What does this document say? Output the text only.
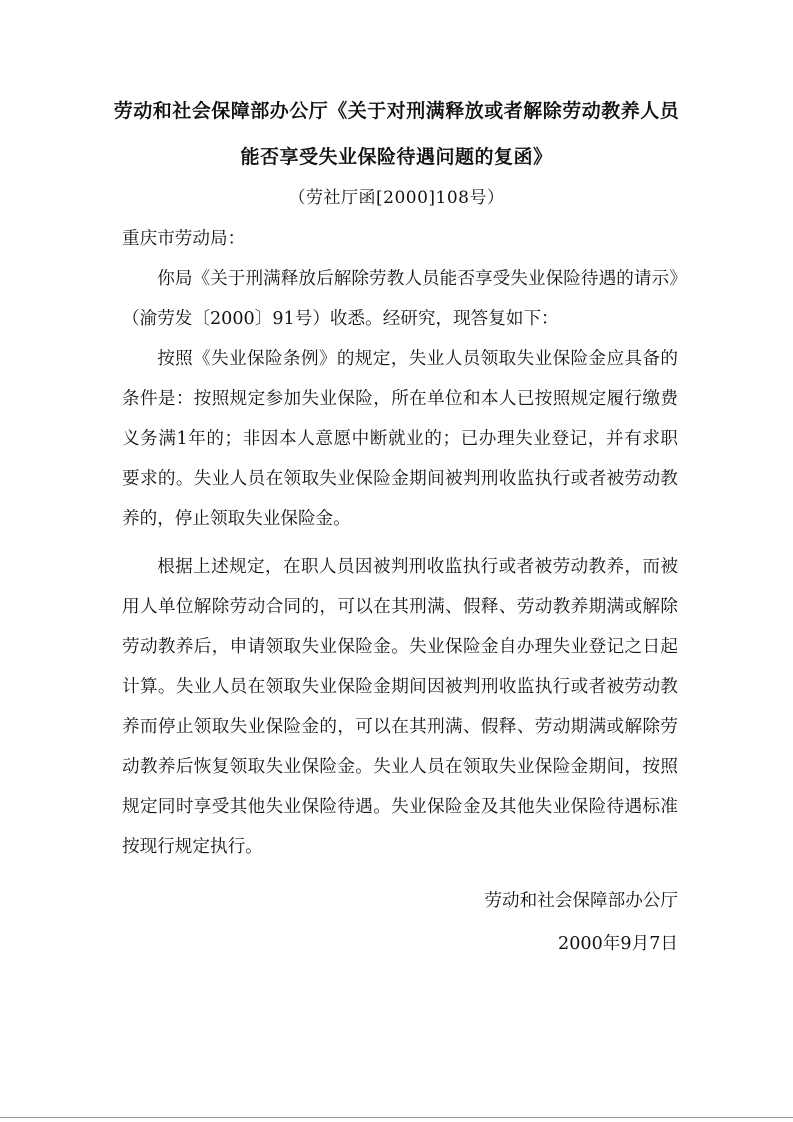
劳动和社会保障部办公厅《关于对刑满释放或者解除劳动教养人员
能否享受失业保险待遇问题的复函》
（劳社厅函[2000]108号）
重庆市劳动局：
你局《关于刑满释放后解除劳教人员能否享受失业保险待遇的请示》（渝劳发〔2000〕91号）收悉。经研究，现答复如下：
按照《失业保险条例》的规定，失业人员领取失业保险金应具备的条件是：按照规定参加失业保险，所在单位和本人已按照规定履行缴费义务满1年的；非因本人意愿中断就业的；已办理失业登记，并有求职要求的。失业人员在领取失业保险金期间被判刑收监执行或者被劳动教养的，停止领取失业保险金。
根据上述规定，在职人员因被判刑收监执行或者被劳动教养，而被用人单位解除劳动合同的，可以在其刑满、假释、劳动教养期满或解除劳动教养后，申请领取失业保险金。失业保险金自办理失业登记之日起计算。失业人员在领取失业保险金期间因被判刑收监执行或者被劳动教养而停止领取失业保险金的，可以在其刑满、假释、劳动期满或解除劳动教养后恢复领取失业保险金。失业人员在领取失业保险金期间，按照规定同时享受其他失业保险待遇。失业保险金及其他失业保险待遇标准按现行规定执行。
劳动和社会保障部办公厅
2000年9月7日
